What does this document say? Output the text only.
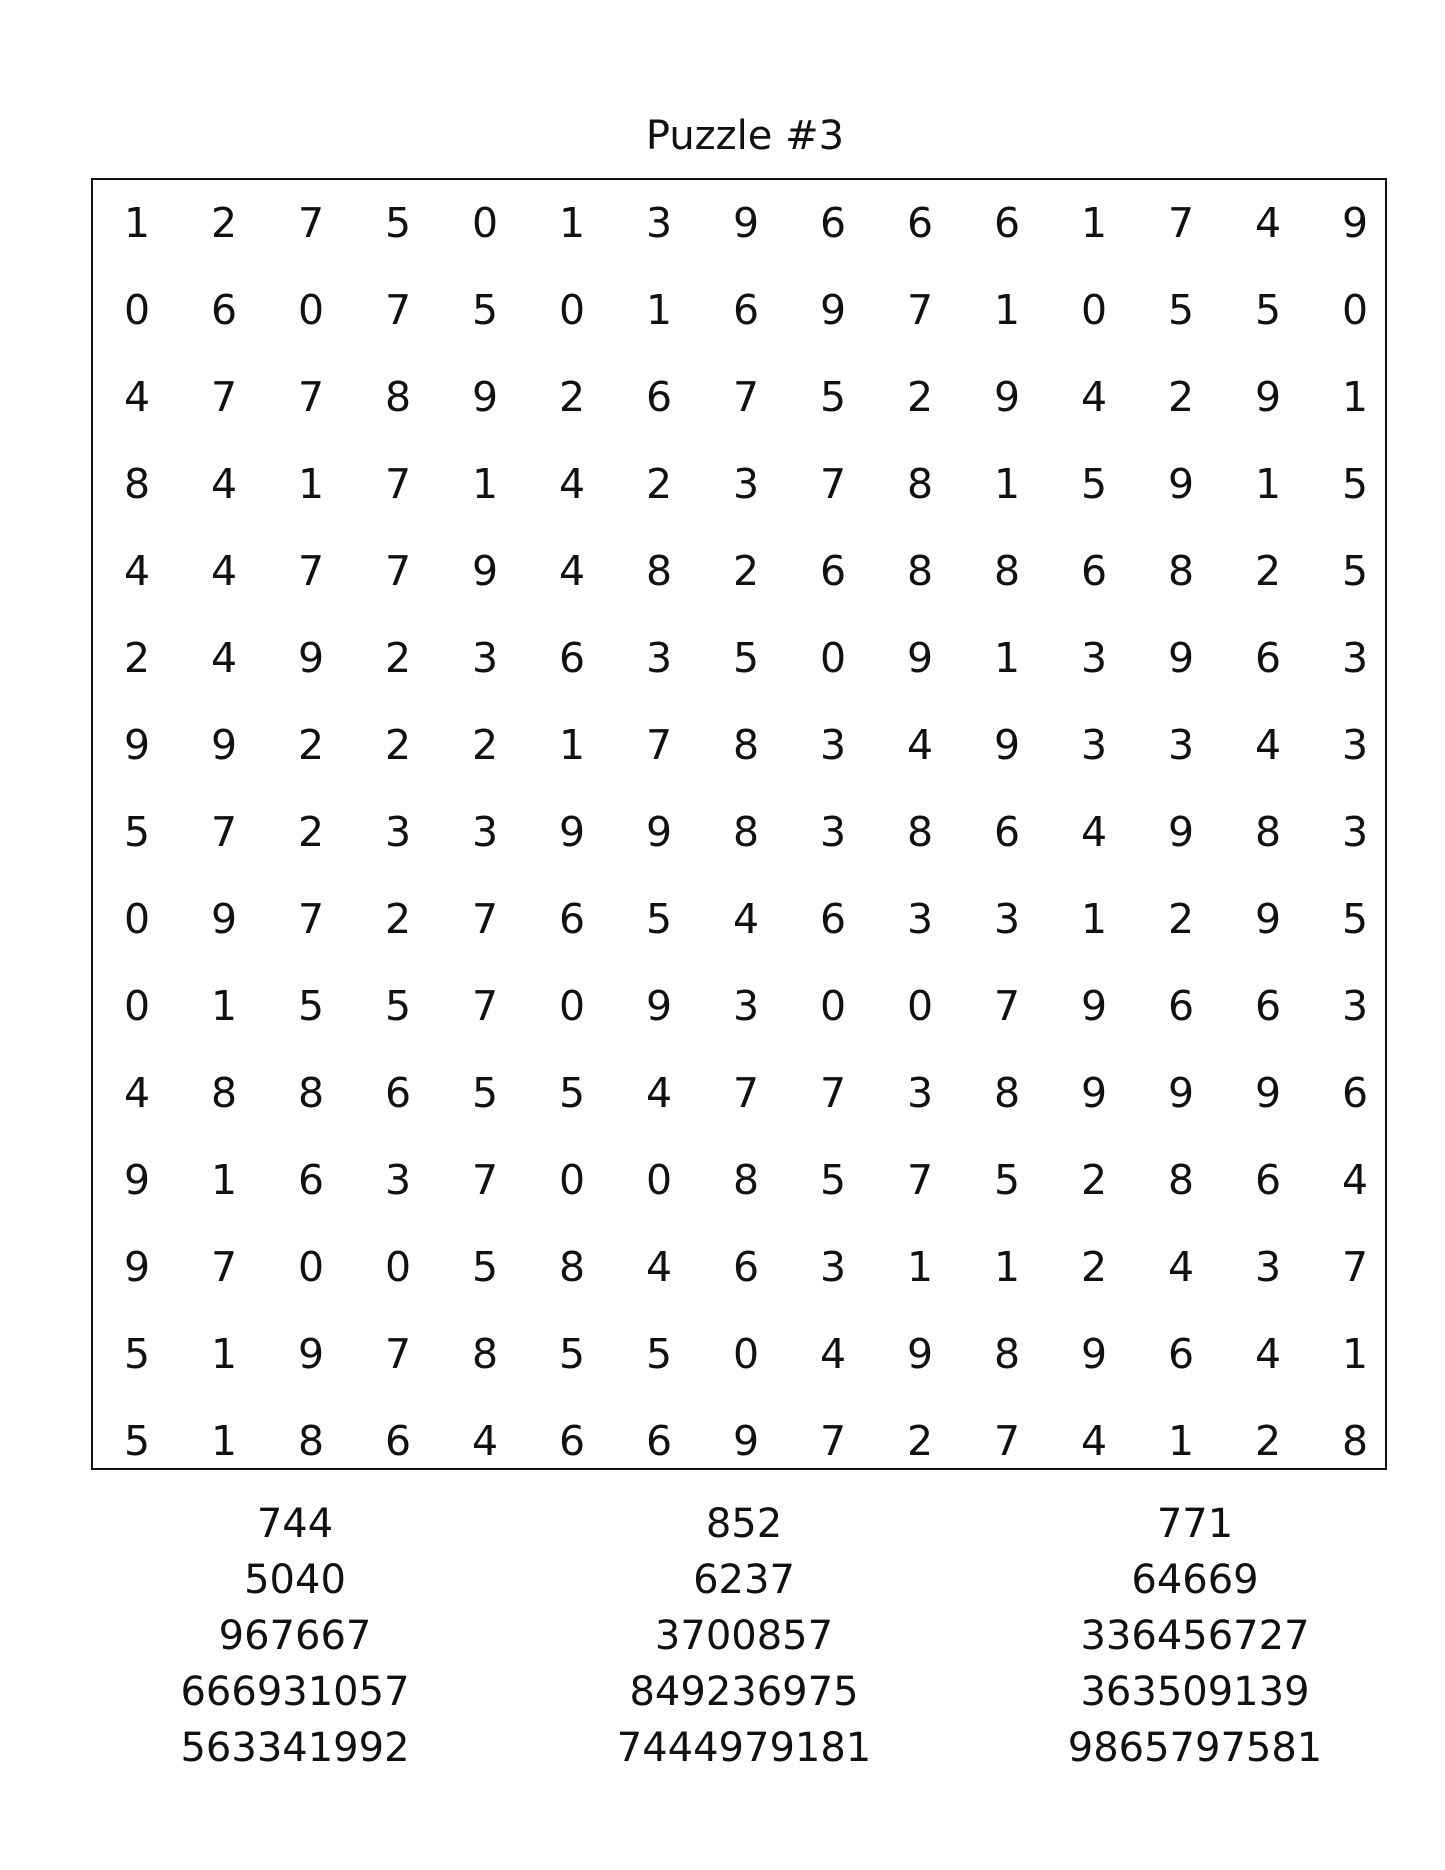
Puzzle #3
1	2	7	5	0	1	3	9	6	6	6	1	7	4	9
0	6	0	7	5	0	1	6	9	7	1	0	5	5	0
4	7	7	8	9	2	6	7	5	2	9	4	2	9	1
8	4	1	7	1	4	2	3	7	8	1	5	9	1	5
4	4	7	7	9	4	8	2	6	8	8	6	8	2	5
2	4	9	2	3	6	3	5	0	9	1	3	9	6	3
9	9	2	2	2	1	7	8	3	4	9	3	3	4	3
5	7	2	3	3	9	9	8	3	8	6	4	9	8	3
0	9	7	2	7	6	5	4	6	3	3	1	2	9	5
0	1	5	5	7	0	9	3	0	0	7	9	6	6	3
4	8	8	6	5	5	4	7	7	3	8	9	9	9	6
9	1	6	3	7	0	0	8	5	7	5	2	8	6	4
9	7	0	0	5	8	4	6	3	1	1	2	4	3	7
5	1	9	7	8	5	5	0	4	9	8	9	6	4	1
5	1	8	6	4	6	6	9	7	2	7	4	1	2	8
744
5040
967667
666931057
563341992
852
6237
3700857
849236975
7444979181
771
64669
336456727
363509139
9865797581
